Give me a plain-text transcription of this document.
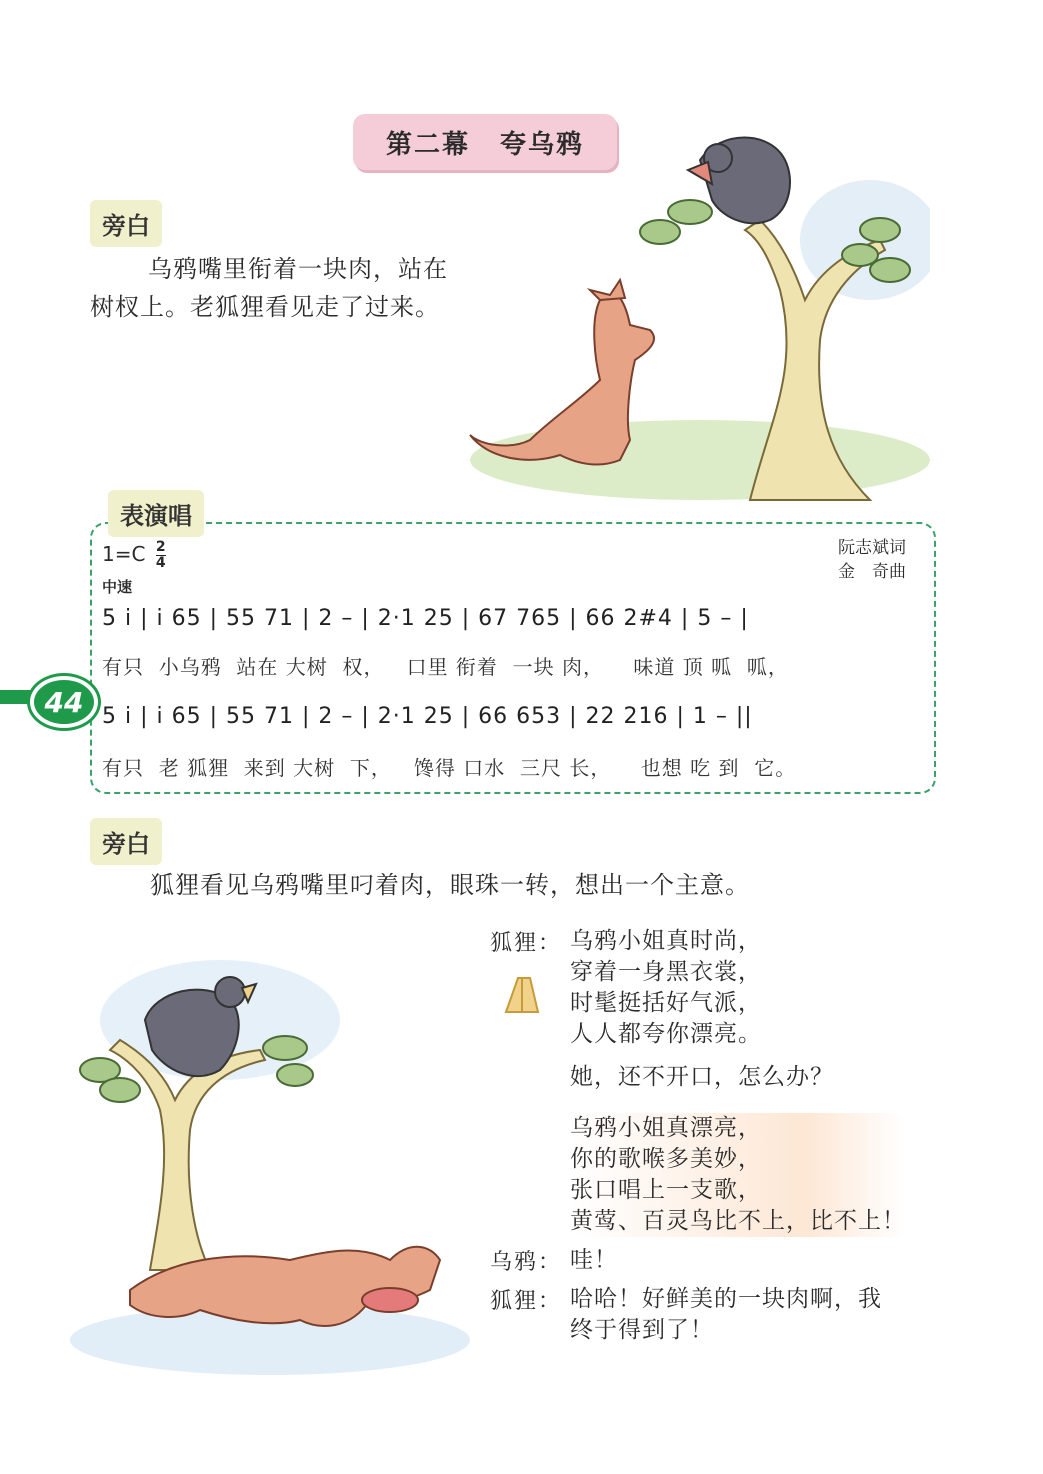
第二幕 夸乌鸦
旁白
乌鸦嘴里衔着一块肉，站在
树杈上。老狐狸看见走了过来。
表演唱
$1=C \frac{2}{4}$
中速
阮志斌词
金　奇曲
5 i | i 65 | 55 71 | 2 – | 2·1 25 | 67 765 | 66 2#4 | 5 – |
有只  小乌鸦  站在 大树  权，   口里 衔着  一块 肉，    味道 顶 呱  呱，
5 i | i 65 | 55 71 | 2 – | 2·1 25 | 66 653 | 22 216 | 1 – ||
有只  老 狐狸  来到 大树  下，   馋得 口水  三尺 长，    也想 吃 到  它。
44
旁白
狐狸看见乌鸦嘴里叼着肉，眼珠一转，想出一个主意。
狐狸： 乌鸦小姐真时尚，
穿着一身黑衣裳，
时髦挺括好气派，
人人都夸你漂亮。
她，还不开口，怎么办？
乌鸦小姐真漂亮，
你的歌喉多美妙，
张口唱上一支歌，
黄莺、百灵鸟比不上，比不上！
乌鸦： 哇！
狐狸： 哈哈！好鲜美的一块肉啊，我
终于得到了！
